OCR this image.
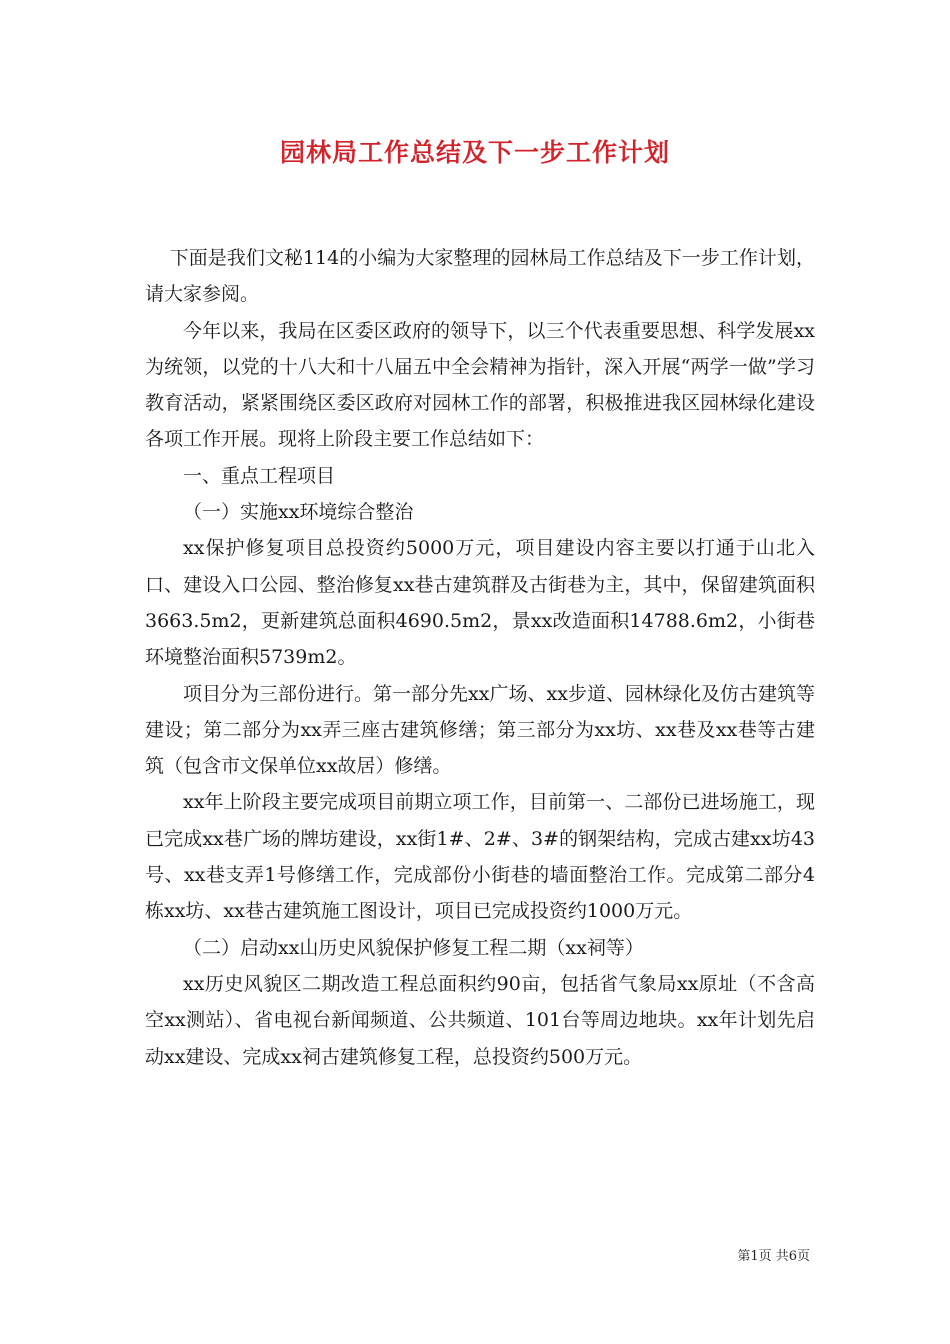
园林局工作总结及下一步工作计划

下面是我们文秘114的小编为大家整理的园林局工作总结及下一步工作计划，请大家参阅。

今年以来，我局在区委区政府的领导下，以三个代表重要思想、科学发展xx为统领，以党的十八大和十八届五中全会精神为指针，深入开展“两学一做”学习教育活动，紧紧围绕区委区政府对园林工作的部署，积极推进我区园林绿化建设各项工作开展。现将上阶段主要工作总结如下：

一、重点工程项目

（一）实施xx环境综合整治

xx保护修复项目总投资约5000万元，项目建设内容主要以打通于山北入口、建设入口公园、整治修复xx巷古建筑群及古街巷为主，其中，保留建筑面积3663.5m2，更新建筑总面积4690.5m2，景xx改造面积14788.6m2，小街巷环境整治面积5739m2。

项目分为三部份进行。第一部分先xx广场、xx步道、园林绿化及仿古建筑等建设；第二部分为xx弄三座古建筑修缮；第三部分为xx坊、xx巷及xx巷等古建筑（包含市文保单位xx故居）修缮。

xx年上阶段主要完成项目前期立项工作，目前第一、二部份已进场施工，现已完成xx巷广场的牌坊建设，xx街1#、2#、3#的钢架结构，完成古建xx坊43号、xx巷支弄1号修缮工作，完成部份小街巷的墙面整治工作。完成第二部分4栋xx坊、xx巷古建筑施工图设计，项目已完成投资约1000万元。

（二）启动xx山历史风貌保护修复工程二期（xx祠等）

xx历史风貌区二期改造工程总面积约90亩，包括省气象局xx原址（不含高空xx测站）、省电视台新闻频道、公共频道、101台等周边地块。xx年计划先启动xx建设、完成xx祠古建筑修复工程，总投资约500万元。

第1页 共6页
